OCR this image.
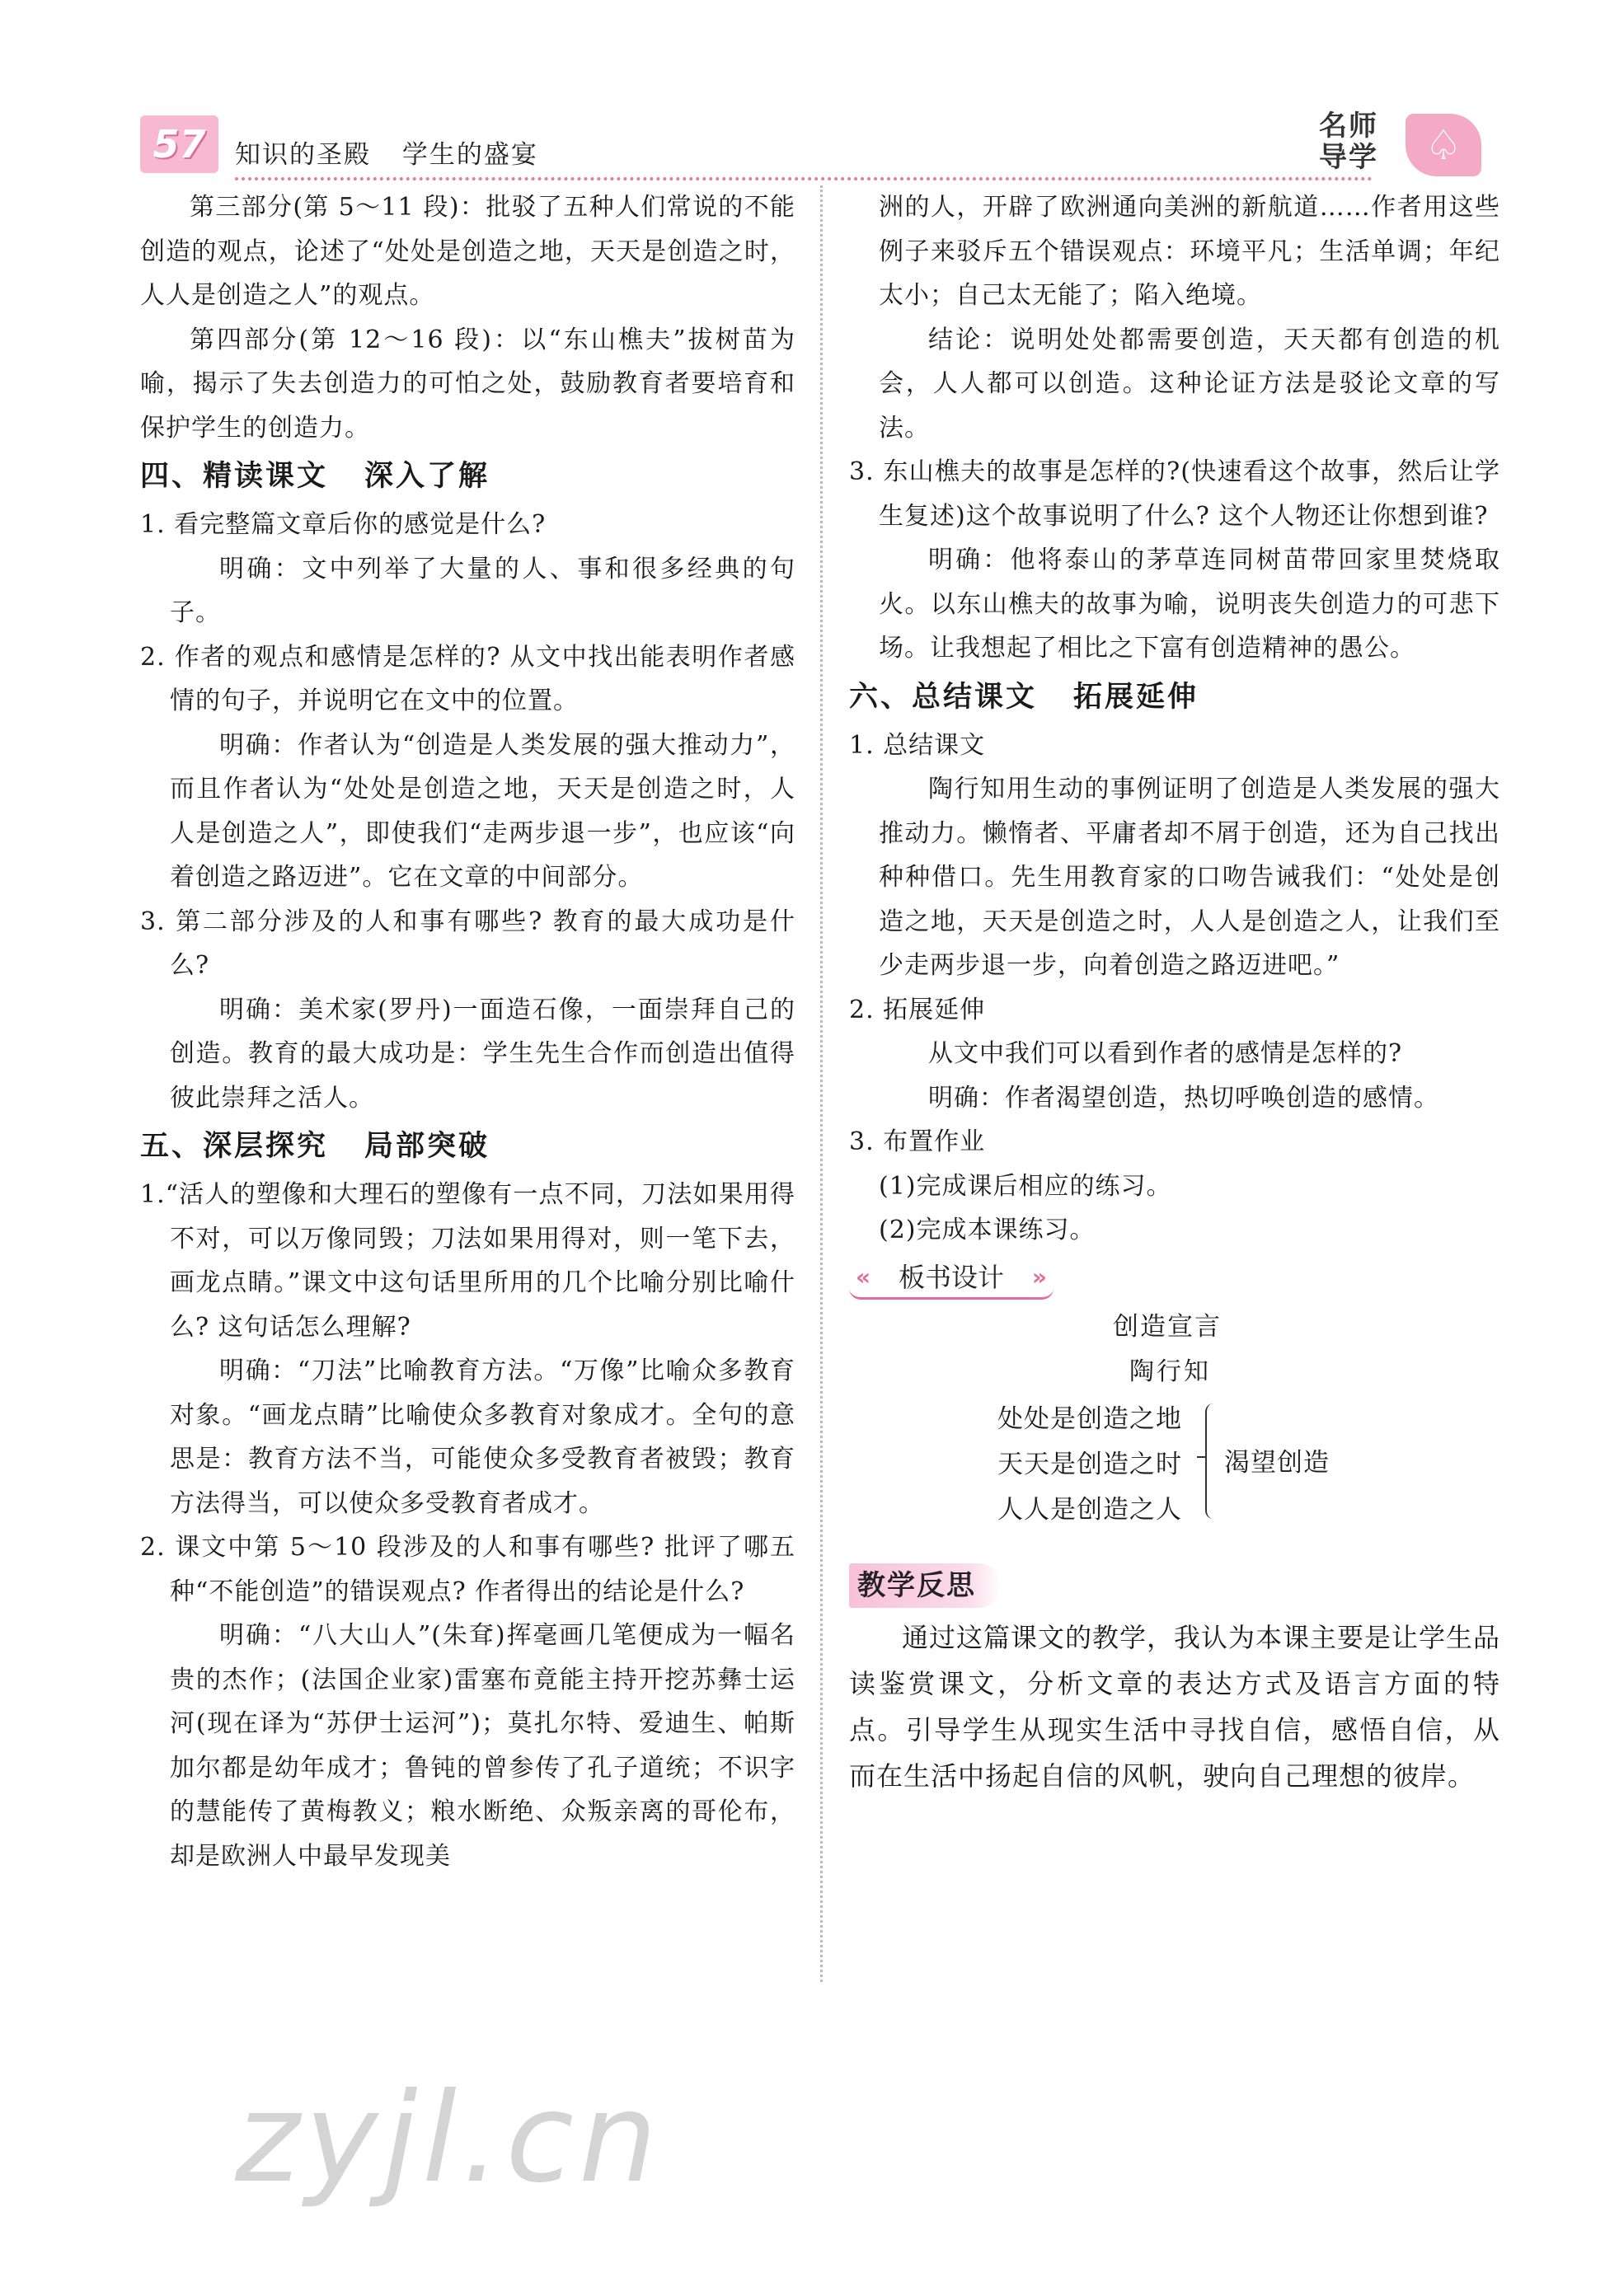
57	知识的圣殿 学生的盛宴
名师导学	♤

第三部分(第 5～11 段)：批驳了五种人们常说的不能创造的观点，论述了“处处是创造之地，天天是创造之时，人人是创造之人”的观点。

第四部分(第 12～16 段)：以“东山樵夫”拔树苗为喻，揭示了失去创造力的可怕之处，鼓励教育者要培育和保护学生的创造力。

四、精读课文 深入了解

1. 看完整篇文章后你的感觉是什么?

明确：文中列举了大量的人、事和很多经典的句子。

2. 作者的观点和感情是怎样的? 从文中找出能表明作者感情的句子，并说明它在文中的位置。

明确：作者认为“创造是人类发展的强大推动力”，而且作者认为“处处是创造之地，天天是创造之时，人人是创造之人”，即使我们“走两步退一步”，也应该“向着创造之路迈进”。它在文章的中间部分。

3. 第二部分涉及的人和事有哪些? 教育的最大成功是什么?

明确：美术家(罗丹)一面造石像，一面崇拜自己的创造。教育的最大成功是：学生先生合作而创造出值得彼此崇拜之活人。

五、深层探究 局部突破

1.“活人的塑像和大理石的塑像有一点不同，刀法如果用得不对，可以万像同毁；刀法如果用得对，则一笔下去，画龙点睛。”课文中这句话里所用的几个比喻分别比喻什么? 这句话怎么理解?

明确：“刀法”比喻教育方法。“万像”比喻众多教育对象。“画龙点睛”比喻使众多教育对象成才。全句的意思是：教育方法不当，可能使众多受教育者被毁；教育方法得当，可以使众多受教育者成才。

2. 课文中第 5～10 段涉及的人和事有哪些? 批评了哪五种“不能创造”的错误观点? 作者得出的结论是什么?

明确：“八大山人”(朱耷)挥毫画几笔便成为一幅名贵的杰作；(法国企业家)雷塞布竟能主持开挖苏彝士运河(现在译为“苏伊士运河”)；莫扎尔特、爱迪生、帕斯加尔都是幼年成才；鲁钝的曾参传了孔子道统；不识字的慧能传了黄梅教义；粮水断绝、众叛亲离的哥伦布，却是欧洲人中最早发现美

洲的人，开辟了欧洲通向美洲的新航道……作者用这些例子来驳斥五个错误观点：环境平凡；生活单调；年纪太小；自己太无能了；陷入绝境。

结论：说明处处都需要创造，天天都有创造的机会，人人都可以创造。这种论证方法是驳论文章的写法。

3. 东山樵夫的故事是怎样的?(快速看这个故事，然后让学生复述)这个故事说明了什么? 这个人物还让你想到谁?

明确：他将泰山的茅草连同树苗带回家里焚烧取火。以东山樵夫的故事为喻，说明丧失创造力的可悲下场。让我想起了相比之下富有创造精神的愚公。

六、总结课文 拓展延伸

1. 总结课文

陶行知用生动的事例证明了创造是人类发展的强大推动力。懒惰者、平庸者却不屑于创造，还为自己找出种种借口。先生用教育家的口吻告诫我们：“处处是创造之地，天天是创造之时，人人是创造之人，让我们至少走两步退一步，向着创造之路迈进吧。”

2. 拓展延伸

从文中我们可以看到作者的感情是怎样的?

明确：作者渴望创造，热切呼唤创造的感情。

3. 布置作业

(1)完成课后相应的练习。

(2)完成本课练习。

« 板书设计 »
创造宣言
陶行知
处处是创造之地
天天是创造之时
人人是创造之人
渴望创造
教学反思

通过这篇课文的教学，我认为本课主要是让学生品读鉴赏课文，分析文章的表达方式及语言方面的特点。引导学生从现实生活中寻找自信，感悟自信，从而在生活中扬起自信的风帆，驶向自己理想的彼岸。

zyjl.cn
